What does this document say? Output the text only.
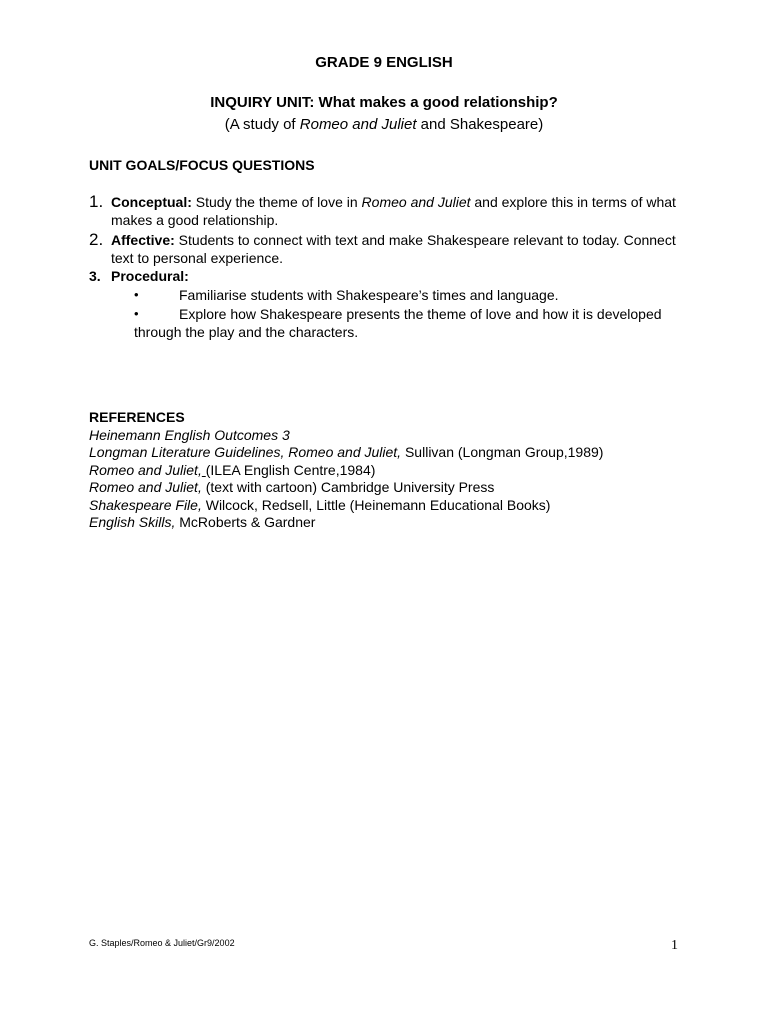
GRADE 9 ENGLISH
INQUIRY UNIT: What makes a good relationship?
(A study of Romeo and Juliet and Shakespeare)
UNIT GOALS/FOCUS QUESTIONS
1. Conceptual: Study the theme of love in Romeo and Juliet and explore this in terms of what makes a good relationship.
2. Affective: Students to connect with text and make Shakespeare relevant to today. Connect text to personal experience.
3. Procedural:
•	Familiarise students with Shakespeare’s times and language.
•	Explore how Shakespeare presents the theme of love and how it is developed through the play and the characters.
REFERENCES
Heinemann English Outcomes 3
Longman Literature Guidelines, Romeo and Juliet, Sullivan (Longman Group,1989)
Romeo and Juliet, (ILEA English Centre,1984)
Romeo and Juliet, (text with cartoon) Cambridge University Press
Shakespeare File, Wilcock, Redsell, Little (Heinemann Educational Books)
English Skills, McRoberts & Gardner
G. Staples/Romeo & Juliet/Gr9/2002	1
